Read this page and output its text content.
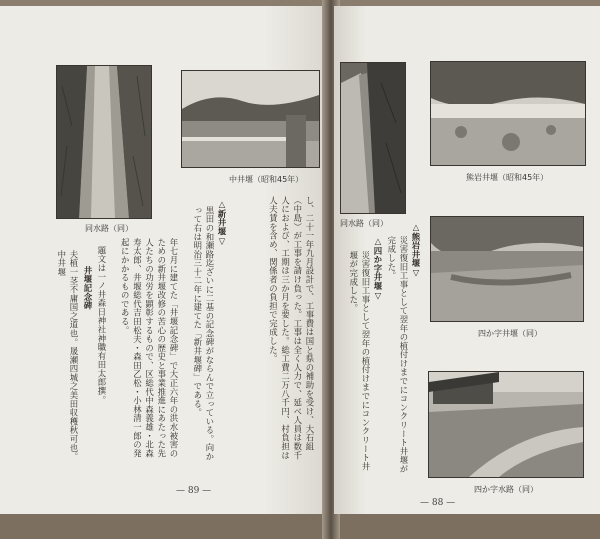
同水路（同）
中井堰（昭和45年）
し、二十一年九月設計で、工事費は国と県の補助を受け、大石組（中島）が工事を請け負った。工事は全く人力で、延べ人員は数千人におよび、工期は三か月を要した。総工費二万八千円、村負担は人夫賃を含め、関係者の負担で完成した。
△新井堰▽
黒田の和瀬路迄ざいに二基の記念碑がならんで立っている。向かって右は明治三十二年に建てた「新井堰碑」である。
年七月に建てた「井堰記念碑」で大正六年の洪水被害のための新井堰改修の苦心の歴史と事業推進にあたった先人たちの功労を顕彰するもので、区総代中森義雄・北森寿太郎、井堰総代吉田松夫・森田乙松・小林清一郎の発起にかかるものである。
題文は一ノ井森日神社神職有田太郎撰。
井堰記念碑
夫植一茎不庸国之道也。晟瀬四城之美田収穫秋可也。中井堰
— 89 —
同水路（同）
熊岩井堰（昭和45年）
△熊岩井堰▽
災害復旧工事として翌年の植付けまでにコンクリート井堰が完成した。
△四か字井堰▽
災害復旧工事として翌年の植付けまでにコンクリート井堰が完成した。
四か字井堰（同）
四か字水路（同）
— 88 —
